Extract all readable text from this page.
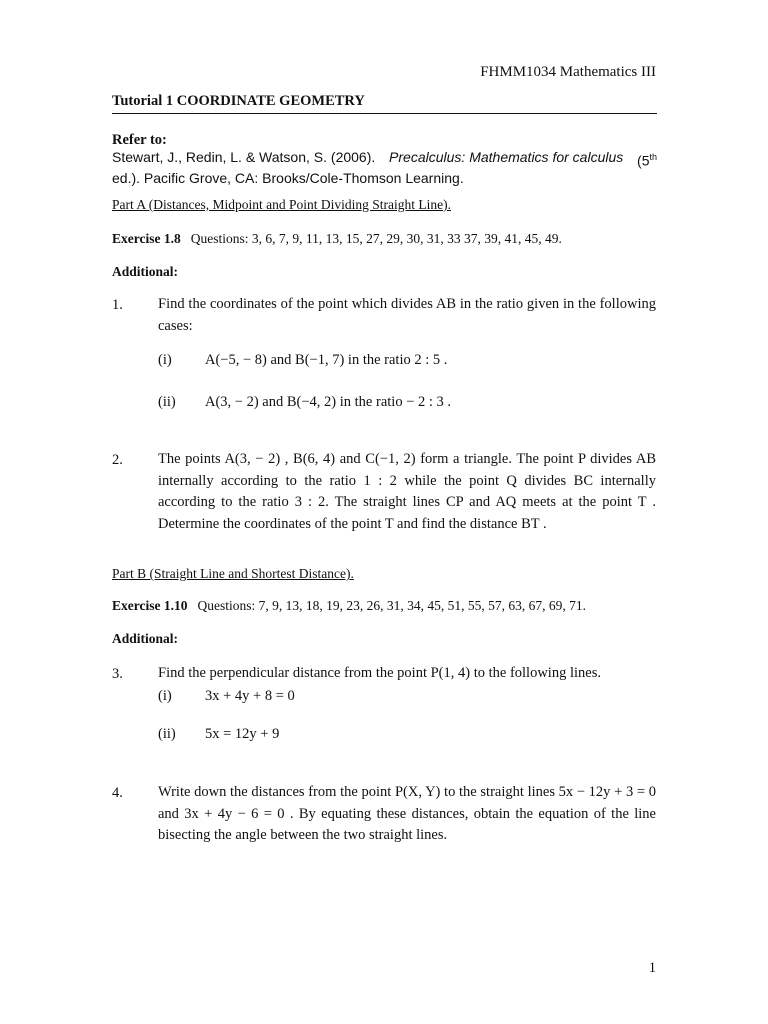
FHMM1034 Mathematics III
Tutorial 1 COORDINATE GEOMETRY
Refer to:
Stewart, J., Redin, L. & Watson, S. (2006). Precalculus: Mathematics for calculus (5th
ed.). Pacific Grove, CA: Brooks/Cole-Thomson Learning.
Part A (Distances, Midpoint and Point Dividing Straight Line).
Exercise 1.8 Questions: 3, 6, 7, 9, 11, 13, 15, 27, 29, 30, 31, 33 37, 39, 41, 45, 49.
Additional:
1. Find the coordinates of the point which divides AB in the ratio given in the following cases:
(i) A(−5, − 8) and B(−1, 7) in the ratio 2 : 5 .
(ii) A(3, − 2) and B(−4, 2) in the ratio − 2 : 3 .
2. The points A(3, − 2) , B(6, 4) and C(−1, 2) form a triangle. The point P divides AB internally according to the ratio 1 : 2 while the point Q divides BC internally according to the ratio 3 : 2. The straight lines CP and AQ meets at the point T . Determine the coordinates of the point T and find the distance BT .
Part B (Straight Line and Shortest Distance).
Exercise 1.10 Questions: 7, 9, 13, 18, 19, 23, 26, 31, 34, 45, 51, 55, 57, 63, 67, 69, 71.
Additional:
3. Find the perpendicular distance from the point P(1, 4) to the following lines.
(i) 3x + 4y + 8 = 0
(ii) 5x = 12y + 9
4. Write down the distances from the point P(X, Y) to the straight lines 5x − 12y + 3 = 0 and 3x + 4y − 6 = 0 . By equating these distances, obtain the equation of the line bisecting the angle between the two straight lines.
1
